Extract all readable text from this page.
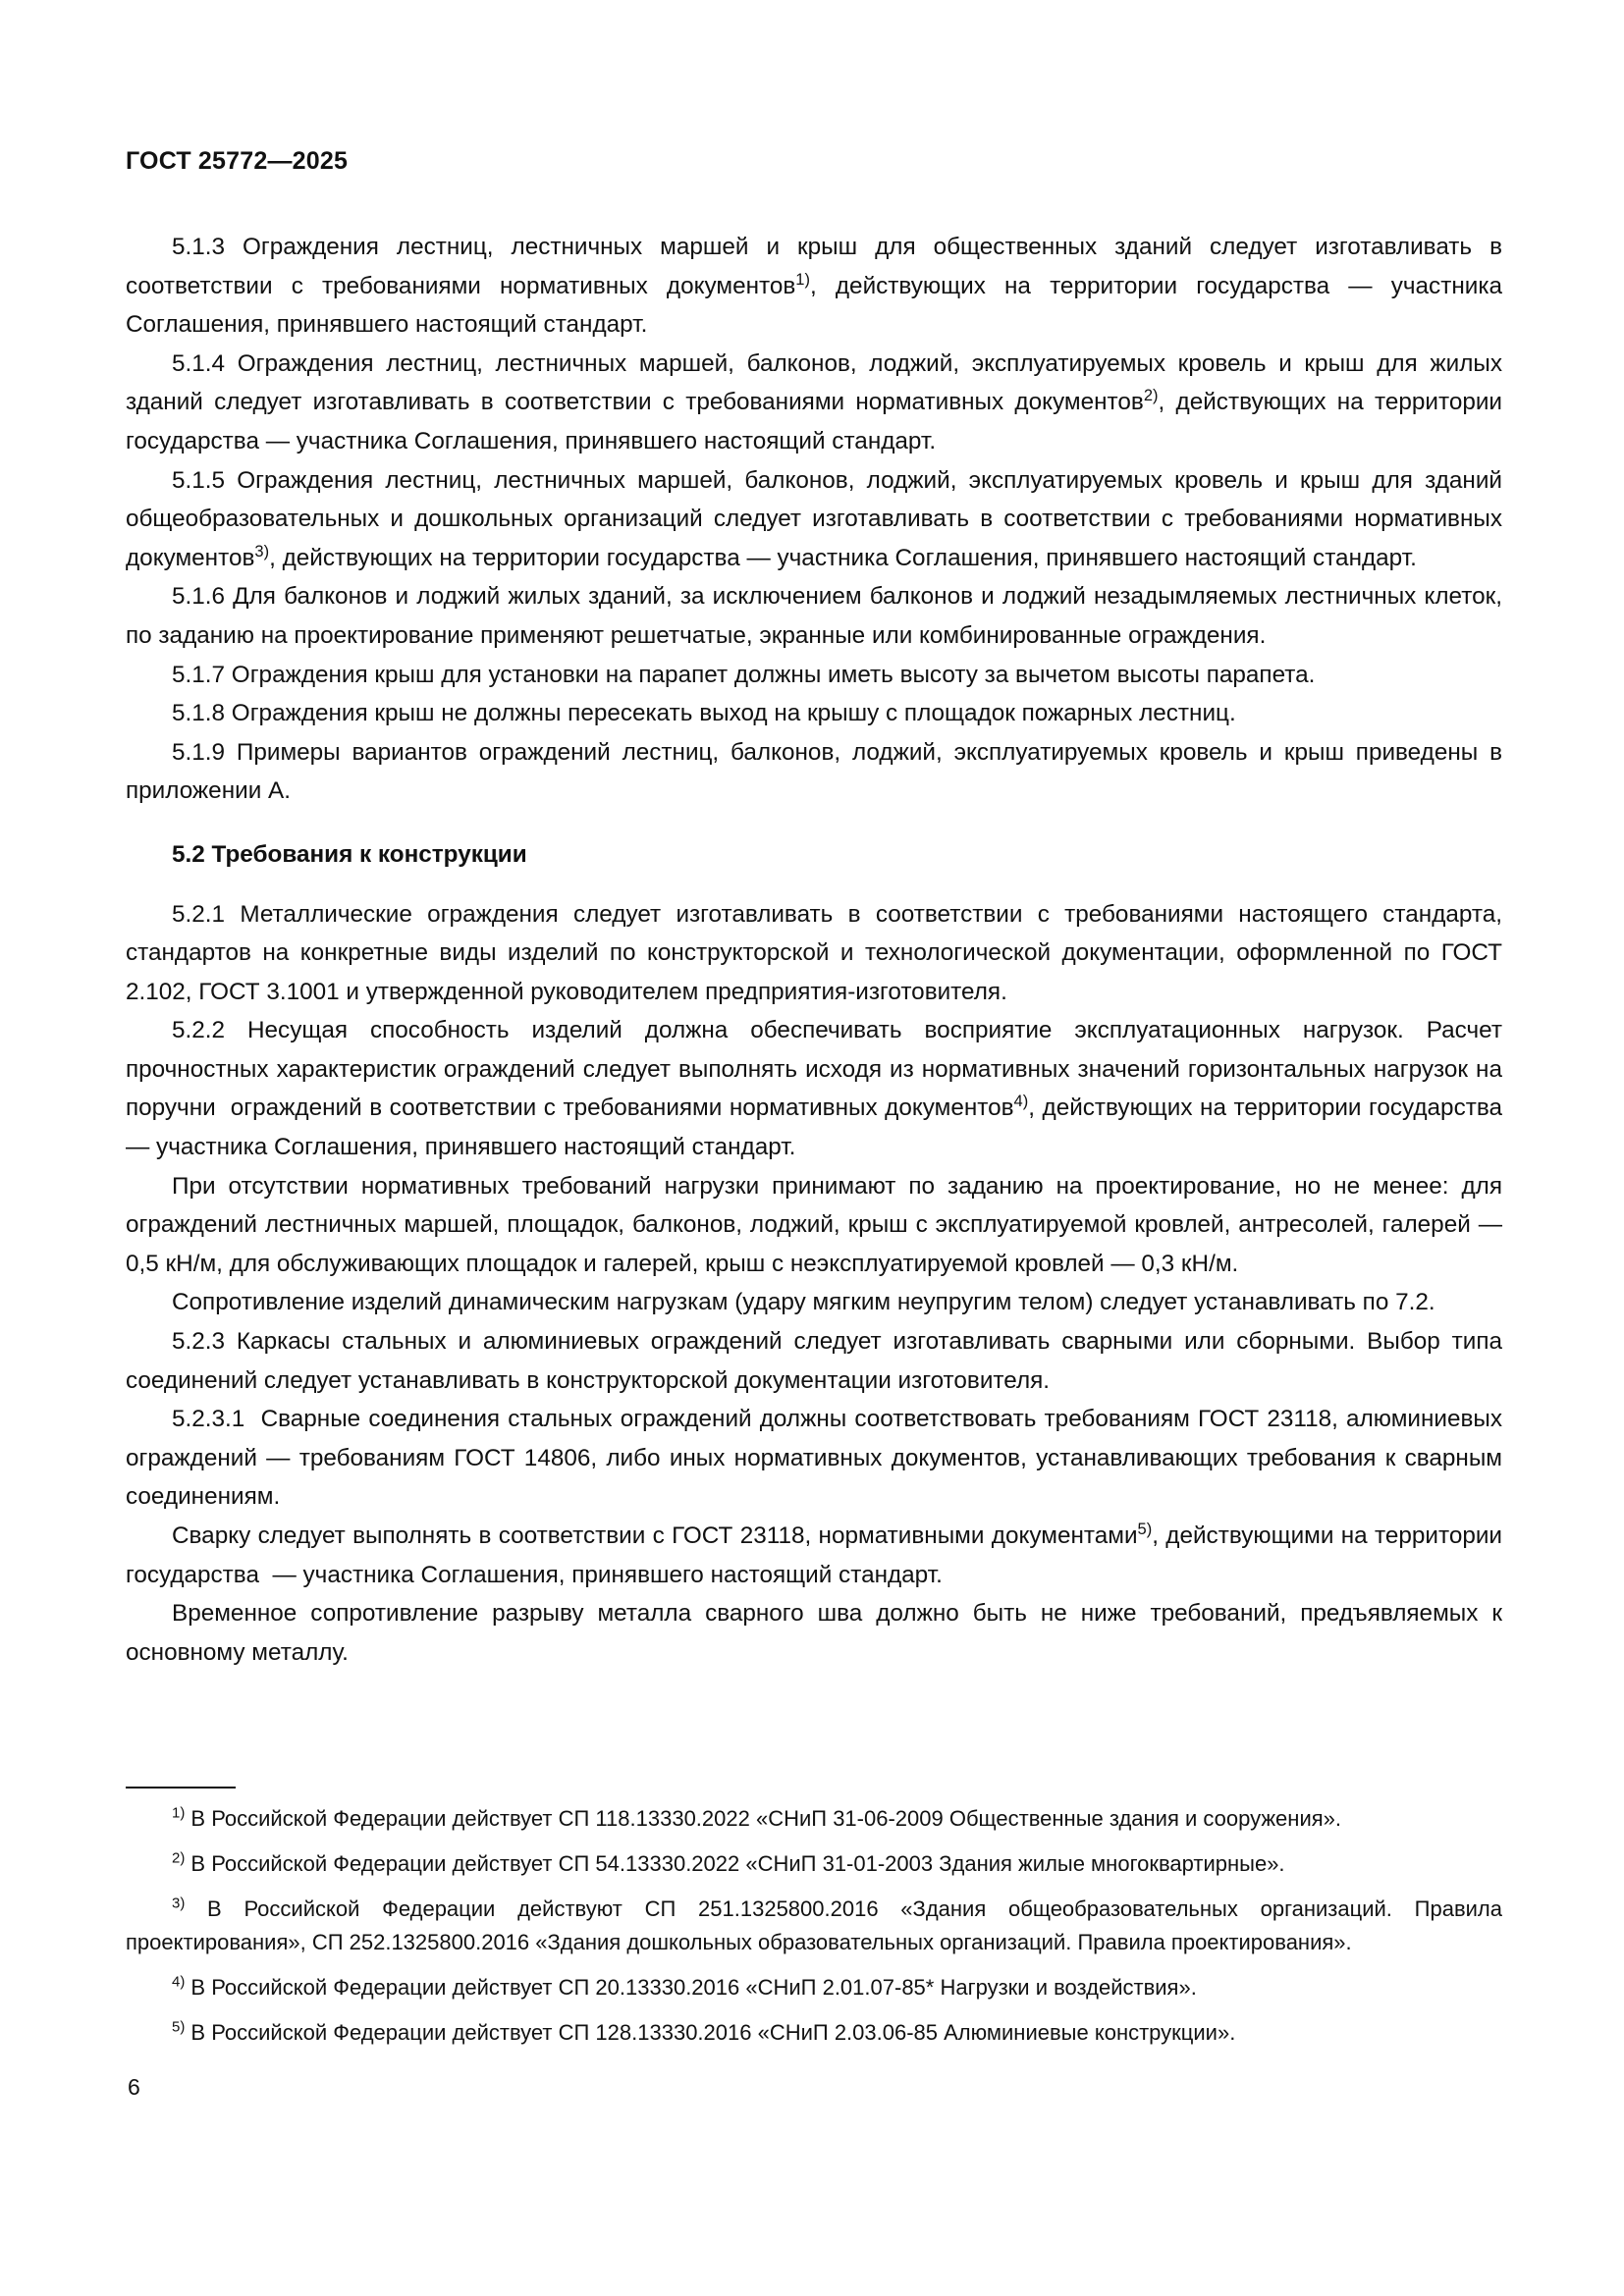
ГОСТ 25772—2025

5.1.3 Ограждения лестниц, лестничных маршей и крыш для общественных зданий следует изготавливать в соответствии с требованиями нормативных документов$^{1)}$, действующих на территории государства — участника Соглашения, принявшего настоящий стандарт.

5.1.4 Ограждения лестниц, лестничных маршей, балконов, лоджий, эксплуатируемых кровель и крыш для жилых зданий следует изготавливать в соответствии с требованиями нормативных документов$^{2)}$, действующих на территории государства — участника Соглашения, принявшего настоящий стандарт.

5.1.5 Ограждения лестниц, лестничных маршей, балконов, лоджий, эксплуатируемых кровель и крыш для зданий общеобразовательных и дошкольных организаций следует изготавливать в соответствии с требованиями нормативных документов$^{3)}$, действующих на территории государства — участника Соглашения, принявшего настоящий стандарт.

5.1.6 Для балконов и лоджий жилых зданий, за исключением балконов и лоджий незадымляемых лестничных клеток, по заданию на проектирование применяют решетчатые, экранные или комбинированные ограждения.

5.1.7 Ограждения крыш для установки на парапет должны иметь высоту за вычетом высоты парапета.

5.1.8 Ограждения крыш не должны пересекать выход на крышу с площадок пожарных лестниц.

5.1.9 Примеры вариантов ограждений лестниц, балконов, лоджий, эксплуатируемых кровель и крыш приведены в приложении А.

5.2 Требования к конструкции

5.2.1 Металлические ограждения следует изготавливать в соответствии с требованиями настоящего стандарта, стандартов на конкретные виды изделий по конструкторской и технологической документации, оформленной по ГОСТ 2.102, ГОСТ 3.1001 и утвержденной руководителем предприятия-изготовителя.

5.2.2 Несущая способность изделий должна обеспечивать восприятие эксплуатационных нагрузок. Расчет прочностных характеристик ограждений следует выполнять исходя из нормативных значений горизонтальных нагрузок на поручни  ограждений в соответствии с требованиями нормативных документов$^{4)}$, действующих на территории государства — участника Соглашения, принявшего настоящий стандарт.

При отсутствии нормативных требований нагрузки принимают по заданию на проектирование, но не менее: для ограждений лестничных маршей, площадок, балконов, лоджий, крыш с эксплуатируемой кровлей, антресолей, галерей — 0,5 кН/м, для обслуживающих площадок и галерей, крыш с неэксплуатируемой кровлей — 0,3 кН/м.

Сопротивление изделий динамическим нагрузкам (удару мягким неупругим телом) следует устанавливать по 7.2.

5.2.3 Каркасы стальных и алюминиевых ограждений следует изготавливать сварными или сборными. Выбор типа соединений следует устанавливать в конструкторской документации изготовителя.

5.2.3.1  Сварные соединения стальных ограждений должны соответствовать требованиям ГОСТ 23118, алюминиевых ограждений — требованиям ГОСТ 14806, либо иных нормативных документов, устанавливающих требования к сварным соединениям.

Сварку следует выполнять в соответствии с ГОСТ 23118, нормативными документами$^{5)}$, действующими на территории государства  — участника Соглашения, принявшего настоящий стандарт.

Временное сопротивление разрыву металла сварного шва должно быть не ниже требований, предъявляемых к основному металлу.

$^{1)}$ В Российской Федерации действует СП 118.13330.2022 «СНиП 31-06-2009 Общественные здания и сооружения».

$^{2)}$ В Российской Федерации действует СП 54.13330.2022 «СНиП 31-01-2003 Здания жилые многоквартирные».

$^{3)}$ В Российской Федерации действуют СП 251.1325800.2016 «Здания общеобразовательных организаций. Правила проектирования», СП 252.1325800.2016 «Здания дошкольных образовательных организаций. Правила проектирования».

$^{4)}$ В Российской Федерации действует СП 20.13330.2016 «СНиП 2.01.07-85* Нагрузки и воздействия».

$^{5)}$ В Российской Федерации действует СП 128.13330.2016 «СНиП 2.03.06-85 Алюминиевые конструкции».

6
